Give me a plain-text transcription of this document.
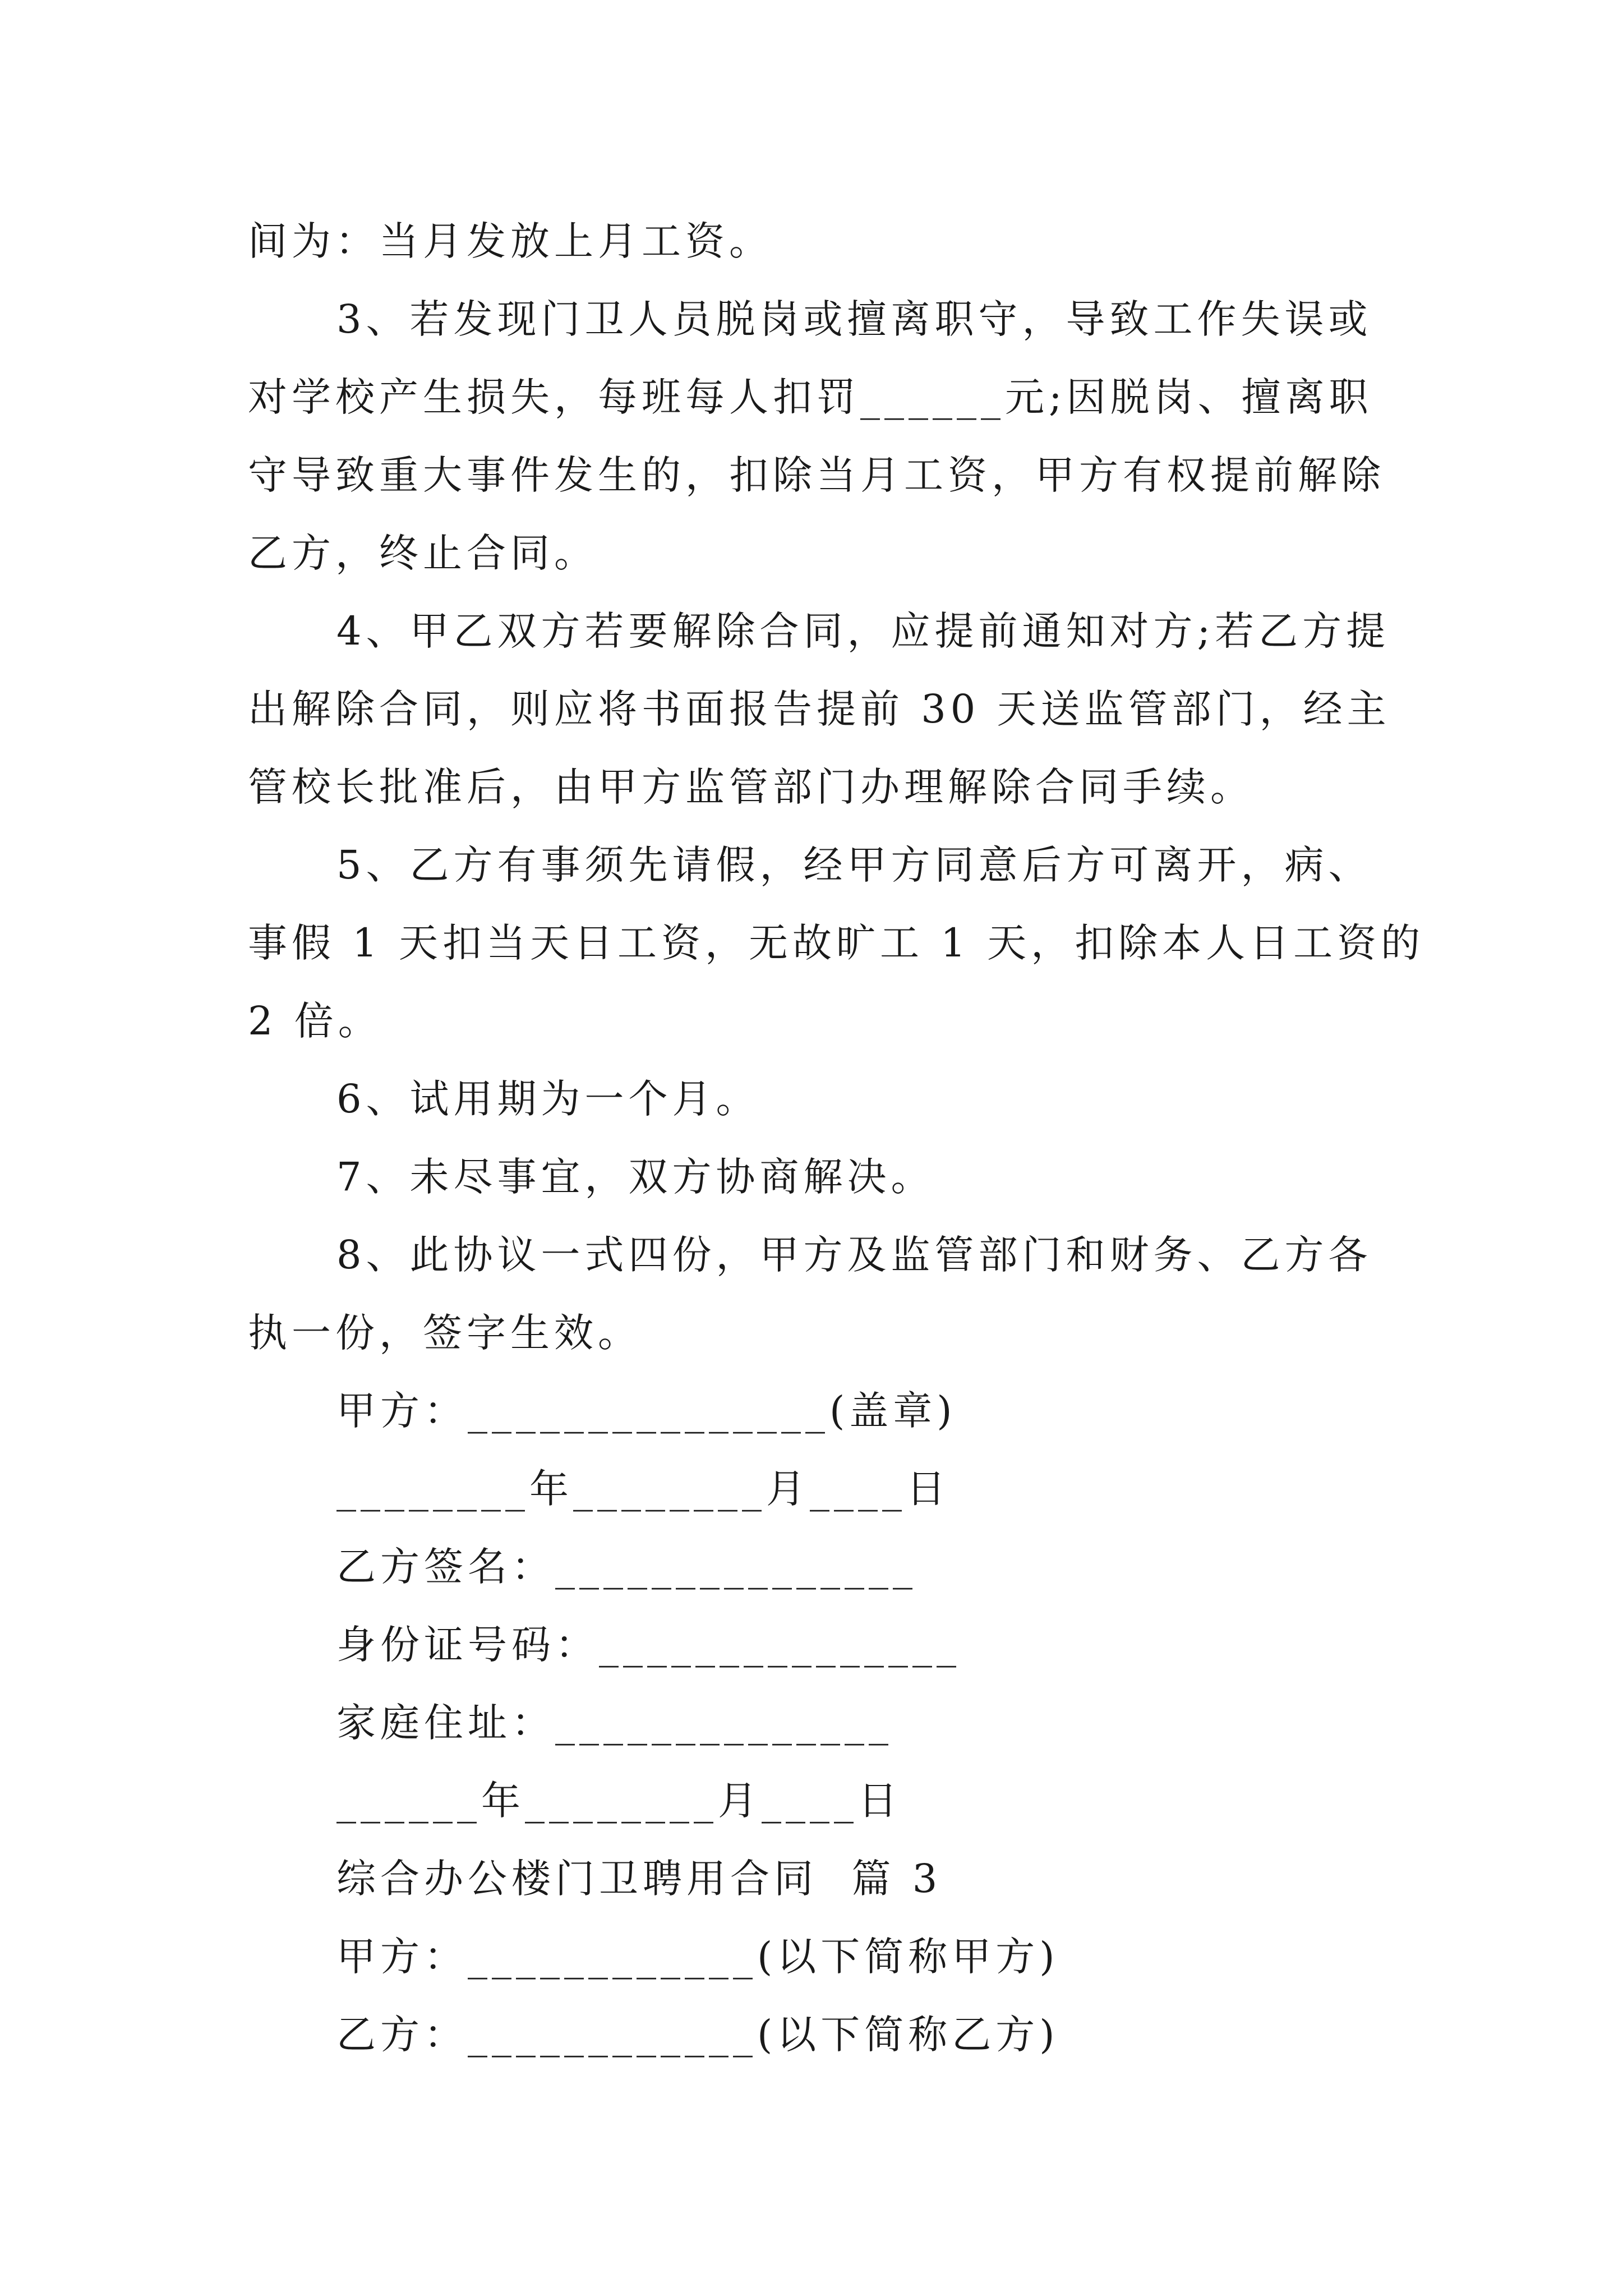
间为：当月发放上月工资。
3、若发现门卫人员脱岗或擅离职守，导致工作失误或
对学校产生损失，每班每人扣罚______元;因脱岗、擅离职
守导致重大事件发生的，扣除当月工资，甲方有权提前解除
乙方，终止合同。
4、甲乙双方若要解除合同，应提前通知对方;若乙方提
出解除合同，则应将书面报告提前 30 天送监管部门，经主
管校长批准后，由甲方监管部门办理解除合同手续。
5、乙方有事须先请假，经甲方同意后方可离开，病、
事假 1 天扣当天日工资，无故旷工 1 天，扣除本人日工资的
2 倍。
6、试用期为一个月。
7、未尽事宜，双方协商解决。
8、此协议一式四份，甲方及监管部门和财务、乙方各
执一份，签字生效。
甲方：_______________(盖章)
________年________月____日
乙方签名：_______________
身份证号码：_______________
家庭住址：______________
______年________月____日
综合办公楼门卫聘用合同  篇 3
甲方：____________(以下简称甲方)
乙方：____________(以下简称乙方)
